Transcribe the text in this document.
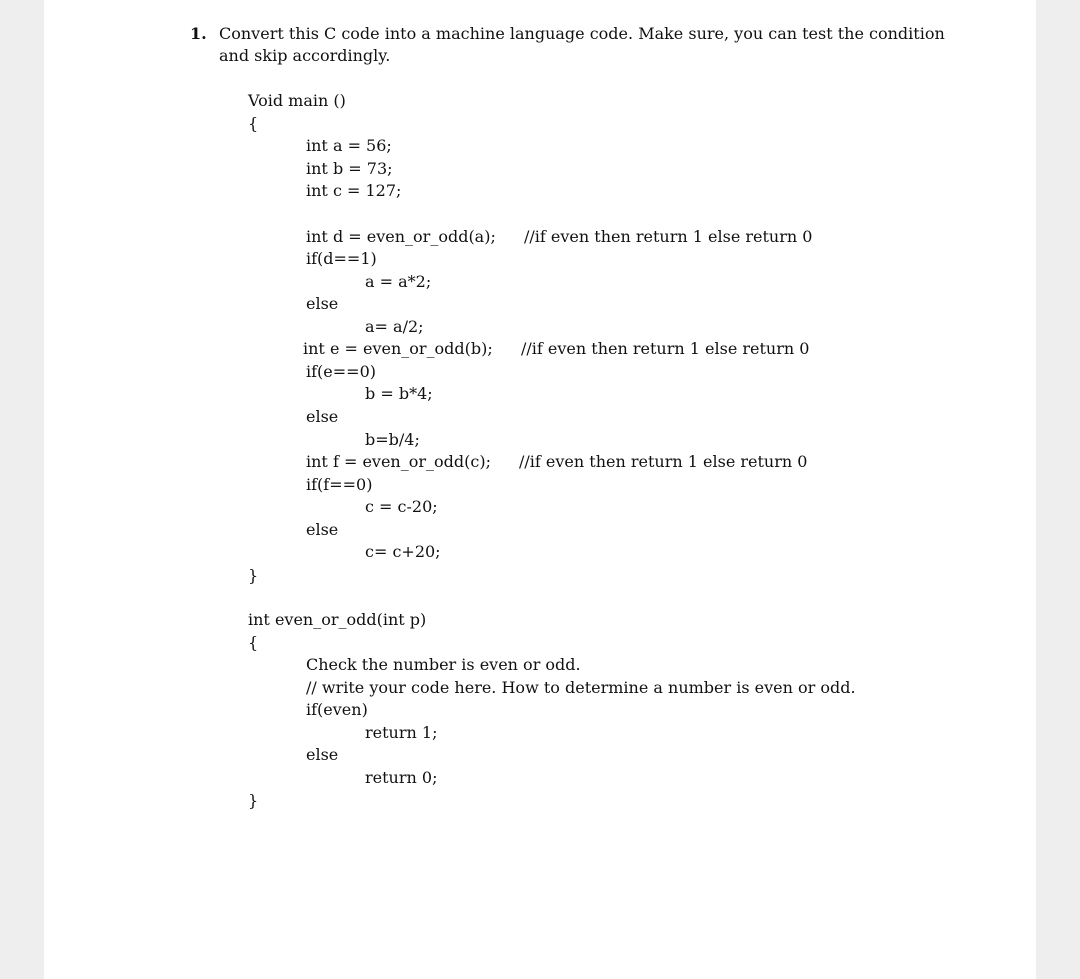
1. Convert this C code into a machine language code. Make sure, you can test the condition
and skip accordingly.
Void main ()
{
int a = 56;
int b = 73;
int c = 127;
int d = even_or_odd(a); //if even then return 1 else return 0
if(d==1)
a = a*2;
else
a= a/2;
int e = even_or_odd(b); //if even then return 1 else return 0
if(e==0)
b = b*4;
else
b=b/4;
int f = even_or_odd(c); //if even then return 1 else return 0
if(f==0)
c = c-20;
else
c= c+20;
}
int even_or_odd(int p)
{
Check the number is even or odd.
// write your code here. How to determine a number is even or odd.
if(even)
return 1;
else
return 0;
}
